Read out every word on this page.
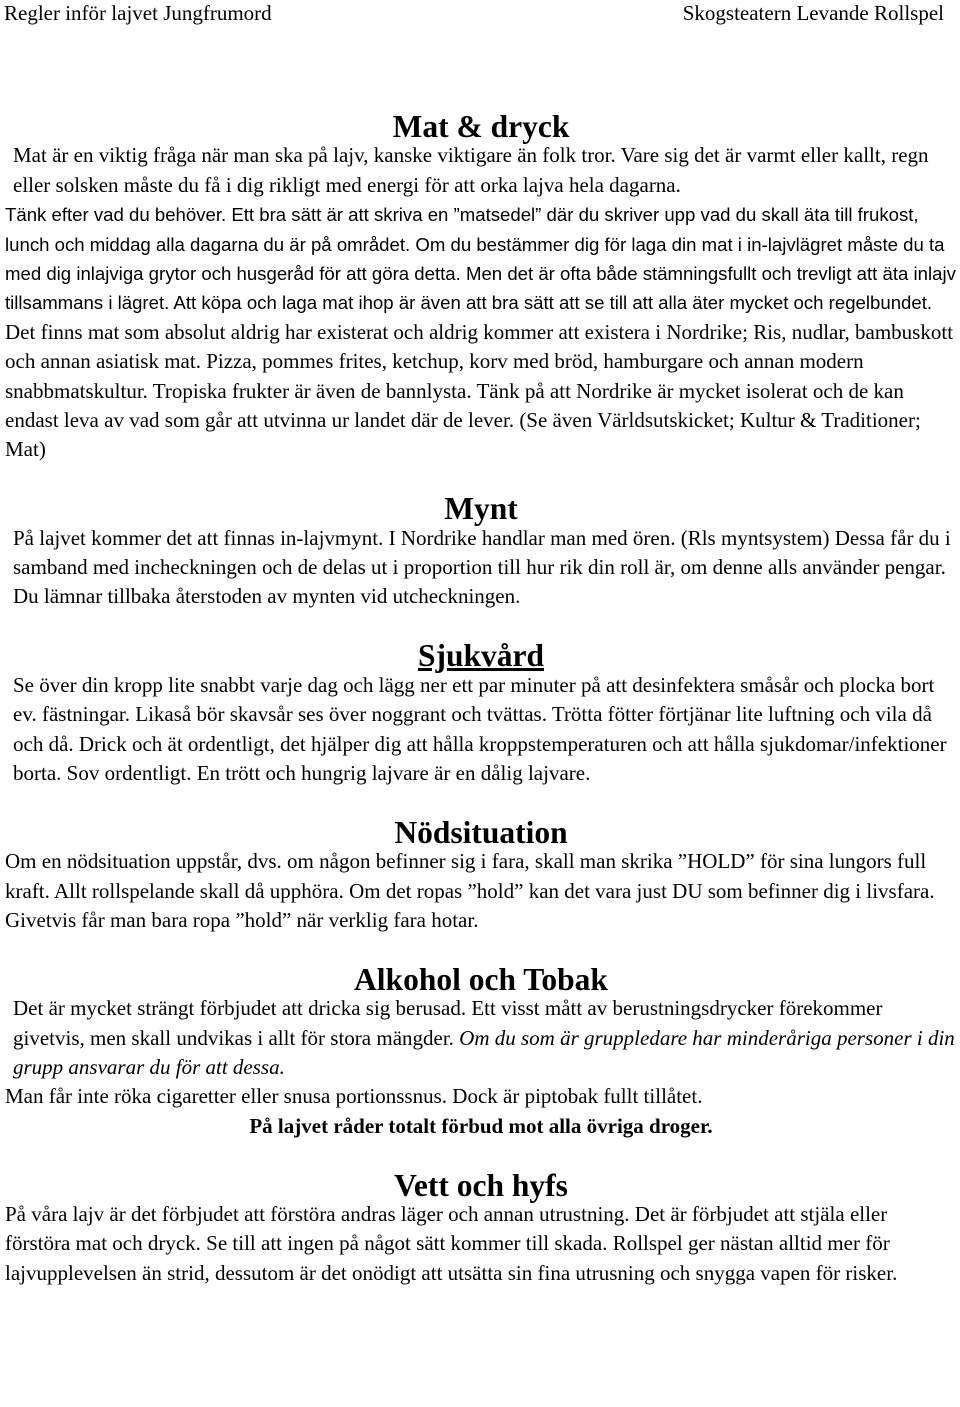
Regler inför lajvet Jungfrumord	Skogsteatern Levande Rollspel
Mat & dryck

Mat är en viktig fråga när man ska på lajv, kanske viktigare än folk tror. Vare sig det är varmt eller kallt, regn eller solsken måste du få i dig rikligt med energi för att orka lajva hela dagarna.

Tänk efter vad du behöver. Ett bra sätt är att skriva en ”matsedel” där du skriver upp vad du skall äta till frukost, lunch och middag alla dagarna du är på området. Om du bestämmer dig för laga din mat i in-lajvlägret måste du ta med dig inlajviga grytor och husgeråd för att göra detta. Men det är ofta både stämningsfullt och trevligt att äta inlajv tillsammans i lägret. Att köpa och laga mat ihop är även att bra sätt att se till att alla äter mycket och regelbundet.

Det finns mat som absolut aldrig har existerat och aldrig kommer att existera i Nordrike; Ris, nudlar, bambuskott och annan asiatisk mat. Pizza, pommes frites, ketchup, korv med bröd, hamburgare och annan modern snabbmatskultur. Tropiska frukter är även de bannlysta. Tänk på att Nordrike är mycket isolerat och de kan endast leva av vad som går att utvinna ur landet där de lever. (Se även Världsutskicket; Kultur & Traditioner; Mat)

Mynt

På lajvet kommer det att finnas in-lajvmynt. I Nordrike handlar man med ören. (Rls myntsystem) Dessa får du i samband med incheckningen och de delas ut i proportion till hur rik din roll är, om denne alls använder pengar. Du lämnar tillbaka återstoden av mynten vid utcheckningen.

Sjukvård

Se över din kropp lite snabbt varje dag och lägg ner ett par minuter på att desinfektera småsår och plocka bort ev. fästningar. Likaså bör skavsår ses över noggrant och tvättas. Trötta fötter förtjänar lite luftning och vila då och då. Drick och ät ordentligt, det hjälper dig att hålla kroppstemperaturen och att hålla sjukdomar/infektioner borta. Sov ordentligt. En trött och hungrig lajvare är en dålig lajvare.

Nödsituation

Om en nödsituation uppstår, dvs. om någon befinner sig i fara, skall man skrika ”HOLD” för sina lungors full kraft. Allt rollspelande skall då upphöra. Om det ropas ”hold” kan det vara just DU som befinner dig i livsfara. Givetvis får man bara ropa ”hold” när verklig fara hotar.

Alkohol och Tobak

Det är mycket strängt förbjudet att dricka sig berusad. Ett visst mått av berustningsdrycker förekommer givetvis, men skall undvikas i allt för stora mängder. Om du som är gruppledare har minderåriga personer i din grupp ansvarar du för att dessa.

Man får inte röka cigaretter eller snusa portionssnus. Dock är piptobak fullt tillåtet.

På lajvet råder totalt förbud mot alla övriga droger.

Vett och hyfs

På våra lajv är det förbjudet att förstöra andras läger och annan utrustning. Det är förbjudet att stjäla eller förstöra mat och dryck. Se till att ingen på något sätt kommer till skada. Rollspel ger nästan alltid mer för lajvupplevelsen än strid, dessutom är det onödigt att utsätta sin fina utrusning och snygga vapen för risker.
